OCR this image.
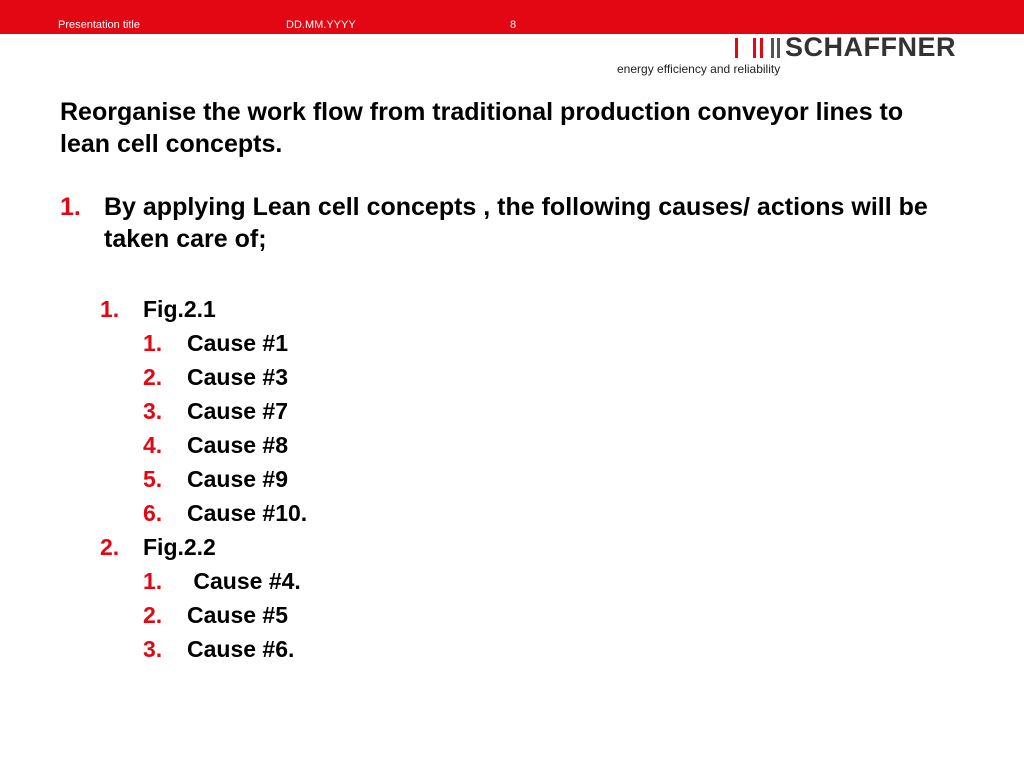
Presentation title	DD.MM.YYYY	8
SCHAFFNER
energy efficiency and reliability
Reorganise the work flow from traditional production conveyor lines to lean cell concepts.
1. By applying Lean cell concepts , the following causes/ actions will be taken care of;
1. Fig.2.1
1. Cause #1
2. Cause #3
3. Cause #7
4. Cause #8
5. Cause #9
6. Cause #10.
2. Fig.2.2
1. Cause #4.
2. Cause #5
3. Cause #6.
